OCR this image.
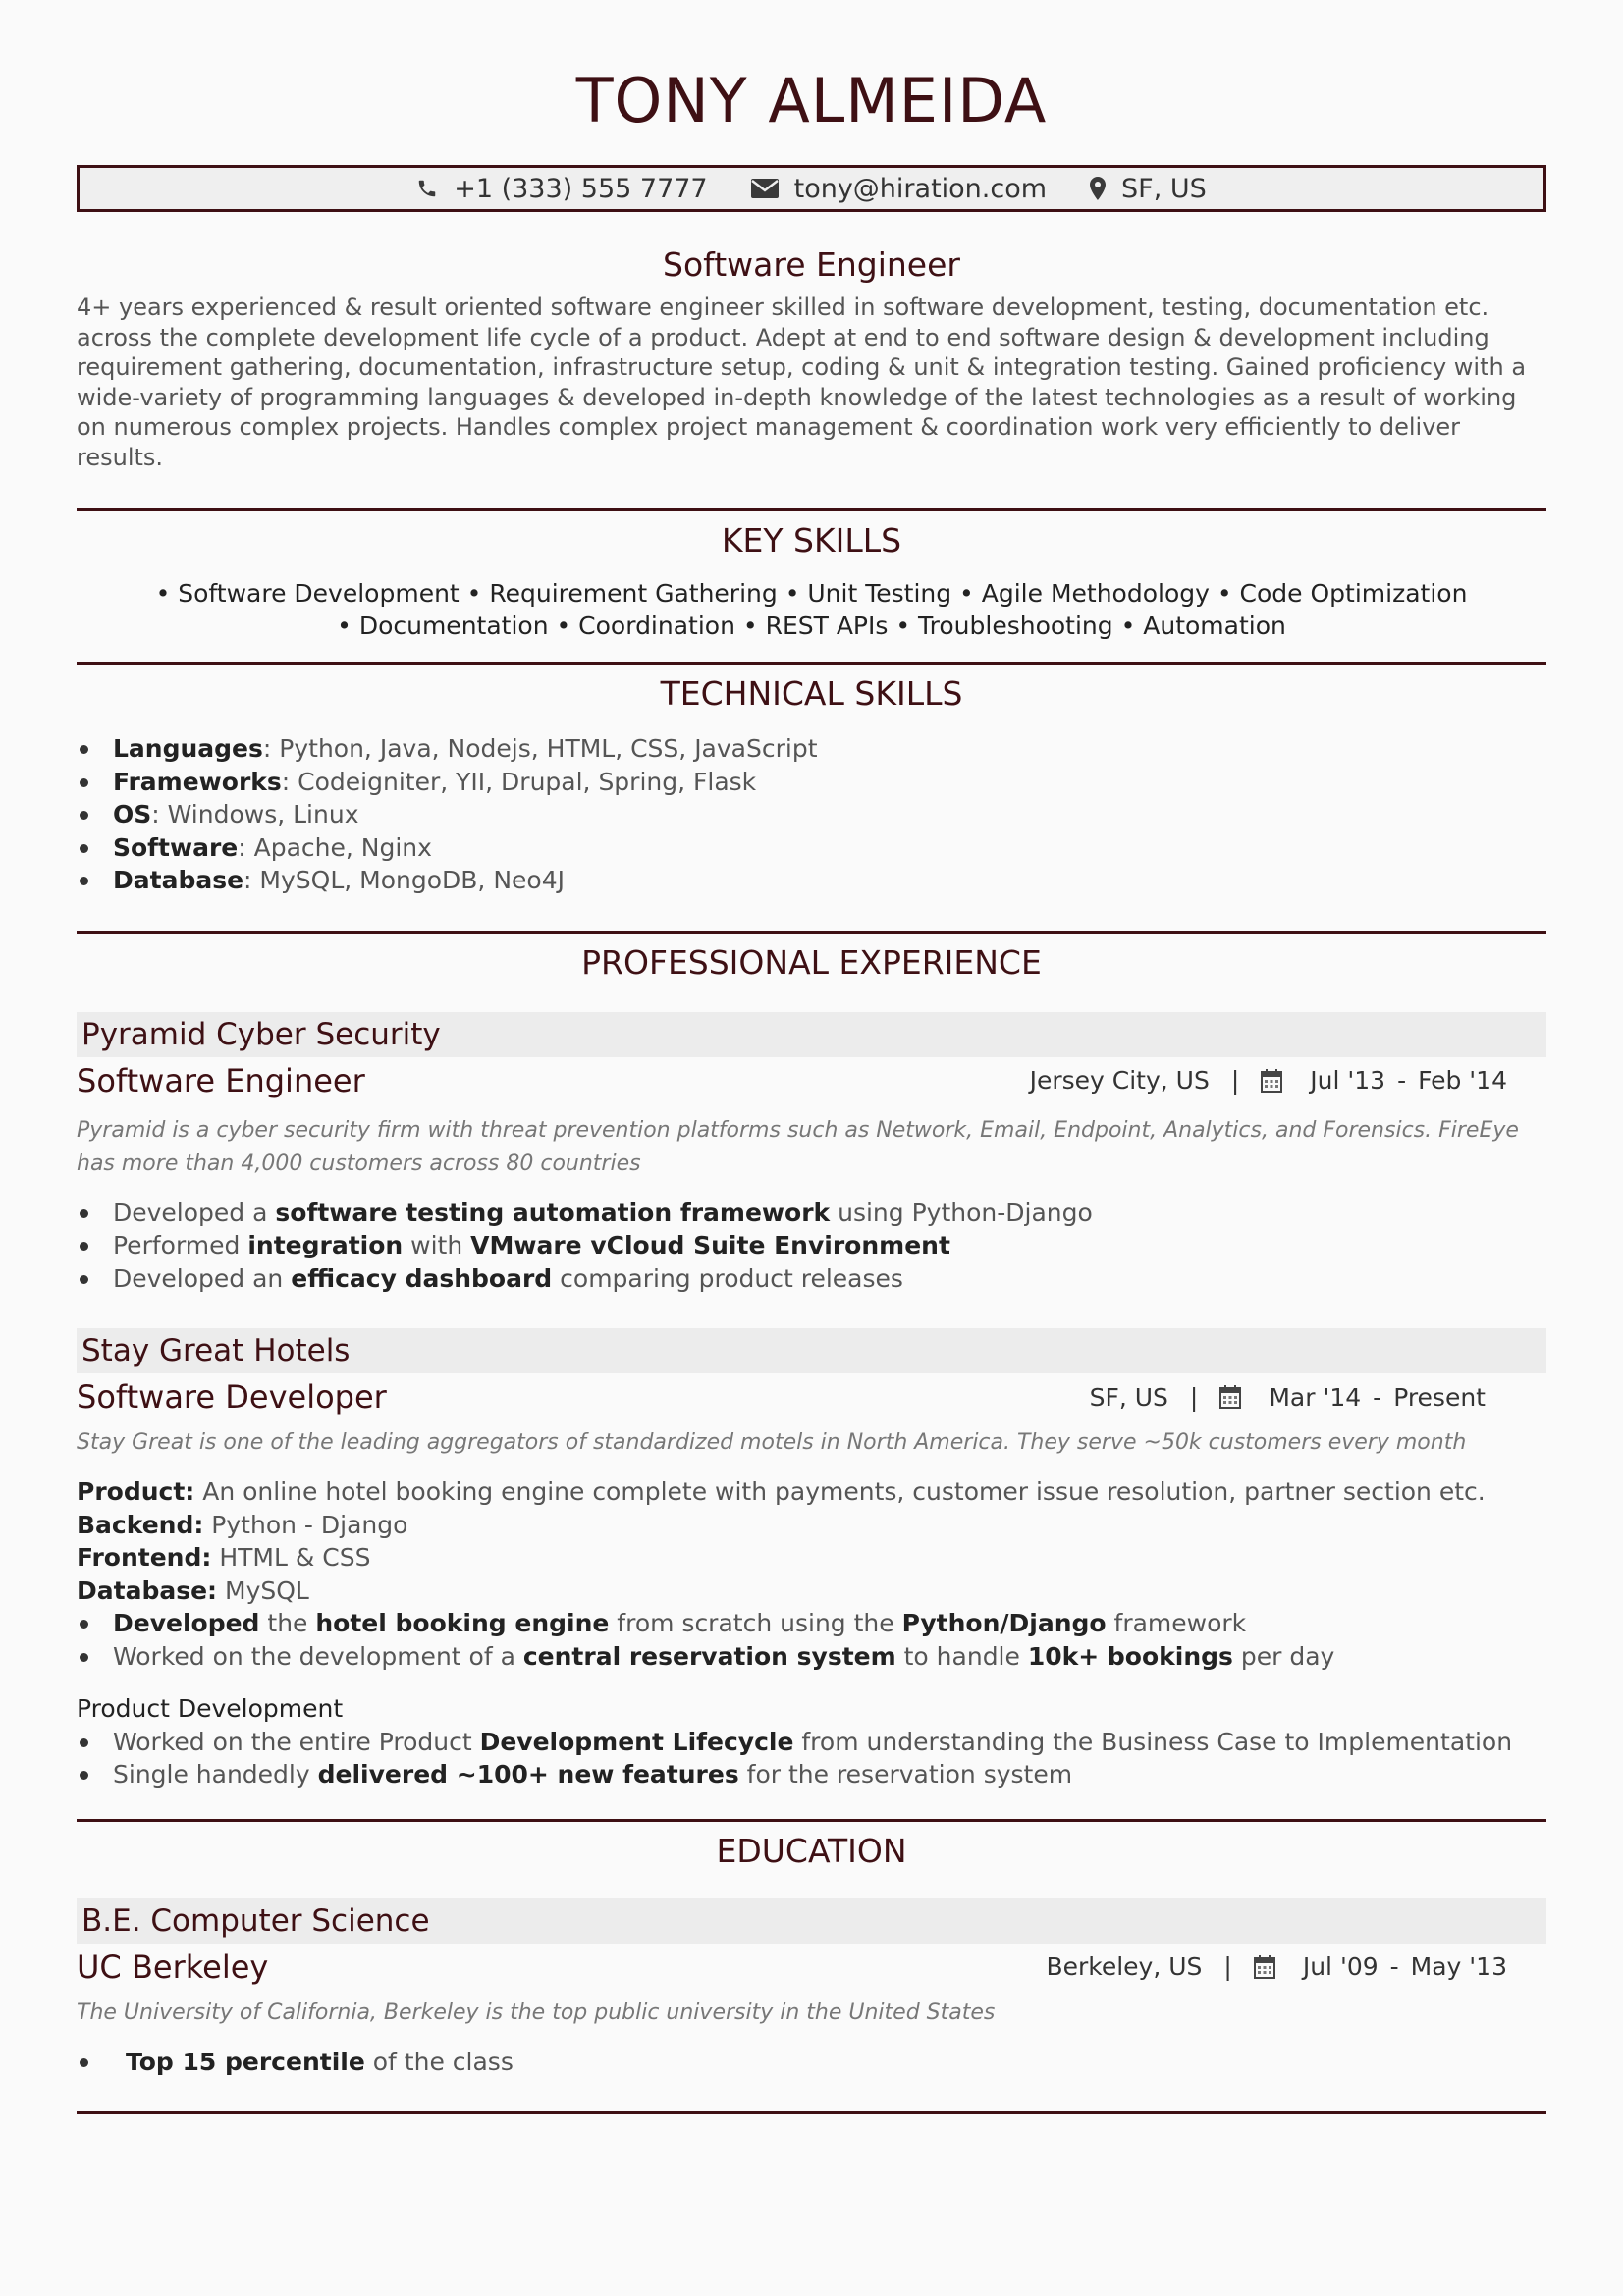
TONY ALMEIDA
+1 (333) 555 7777	tony@hiration.com	SF, US
Software Engineer
4+ years experienced & result oriented software engineer skilled in software development, testing, documentation etc. across the complete development life cycle of a product. Adept at end to end software design & development including requirement gathering, documentation, infrastructure setup, coding & unit & integration testing. Gained proficiency with a wide-variety of programming languages & developed in-depth knowledge of the latest technologies as a result of working on numerous complex projects. Handles complex project management & coordination work very efficiently to deliver results.
KEY SKILLS
• Software Development • Requirement Gathering • Unit Testing • Agile Methodology • Code Optimization
• Documentation • Coordination • REST APIs • Troubleshooting • Automation
TECHNICAL SKILLS
Languages: Python, Java, Nodejs, HTML, CSS, JavaScript
Frameworks: Codeigniter, YII, Drupal, Spring, Flask
OS: Windows, Linux
Software: Apache, Nginx
Database: MySQL, MongoDB, Neo4J
PROFESSIONAL EXPERIENCE
Pyramid Cyber Security
Software Engineer	Jersey City, US |	Jul '13 - Feb '14
Pyramid is a cyber security firm with threat prevention platforms such as Network, Email, Endpoint, Analytics, and Forensics. FireEye has more than 4,000 customers across 80 countries
Developed a software testing automation framework using Python-Django
Performed integration with VMware vCloud Suite Environment
Developed an efficacy dashboard comparing product releases
Stay Great Hotels
Software Developer	SF, US |	Mar '14 - Present
Stay Great is one of the leading aggregators of standardized motels in North America. They serve ~50k customers every month
Product: An online hotel booking engine complete with payments, customer issue resolution, partner section etc.
Backend: Python - Django
Frontend: HTML & CSS
Database: MySQL
Developed the hotel booking engine from scratch using the Python/Django framework
Worked on the development of a central reservation system to handle 10k+ bookings per day
Product Development
Worked on the entire Product Development Lifecycle from understanding the Business Case to Implementation
Single handedly delivered ~100+ new features for the reservation system
EDUCATION
B.E. Computer Science
UC Berkeley	Berkeley, US |	Jul '09 - May '13
The University of California, Berkeley is the top public university in the United States
Top 15 percentile of the class
